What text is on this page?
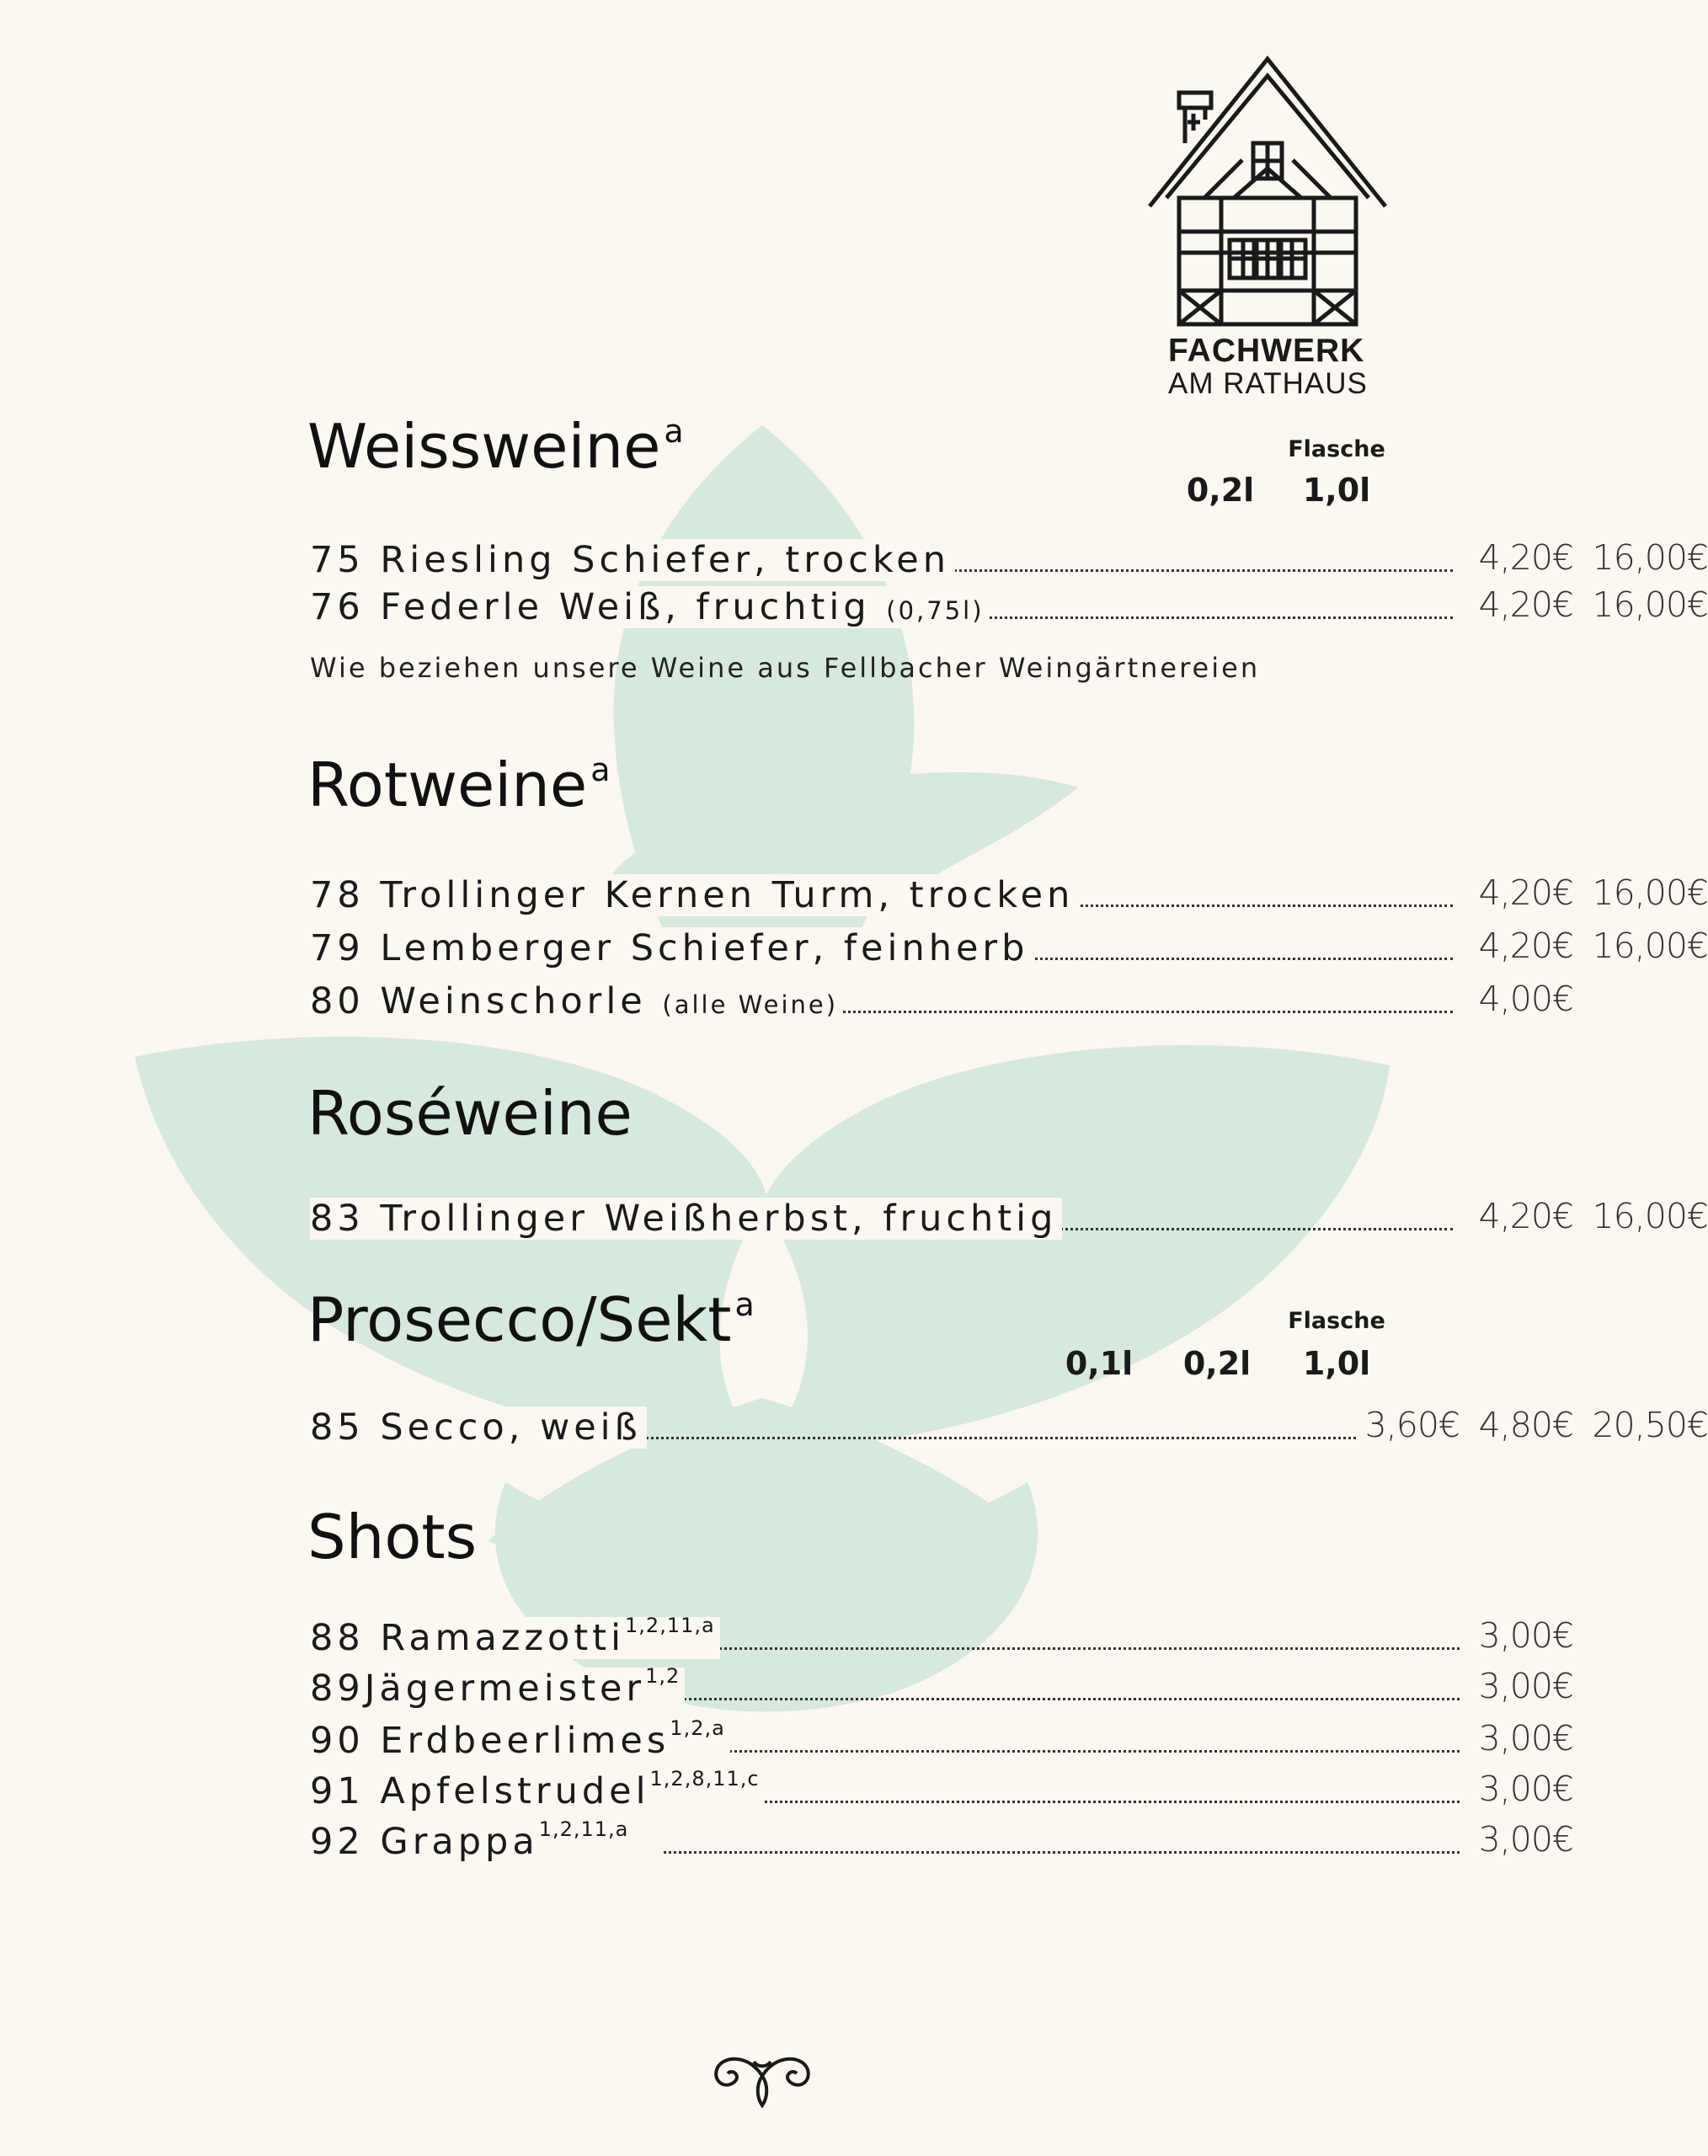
FACHWERK
AM RATHAUS
Weissweine $^a$	Flasche
0,2l	1,0l
75 Riesling Schiefer, trocken	4,20€ 16,00€
76 Federle Weiß, fruchtig (0,75l)	4,20€ 16,00€
Wie beziehen unsere Weine aus Fellbacher Weingärtnereien
Rotweine $^a$
78 Trollinger Kernen Turm, trocken	4,20€ 16,00€
79 Lemberger Schiefer, feinherb	4,20€ 16,00€
80 Weinschorle (alle Weine)	4,00€
Roséweine
83 Trollinger Weißherbst, fruchtig	4,20€ 16,00€
Prosecco/Sekt $^a$	Flasche
0,1l	0,2l	1,0l
85 Secco, weiß	3,60€ 4,80€ 20,50€
Shots
88 Ramazzotti$^{1,2,11,a}$	3,00€
89Jägermeister$^{1,2}$	3,00€
90 Erdbeerlimes$^{1,2,a}$	3,00€
91 Apfelstrudel$^{1,2,8,11,c}$	3,00€
92 Grappa$^{1,2,11,a}$	3,00€
